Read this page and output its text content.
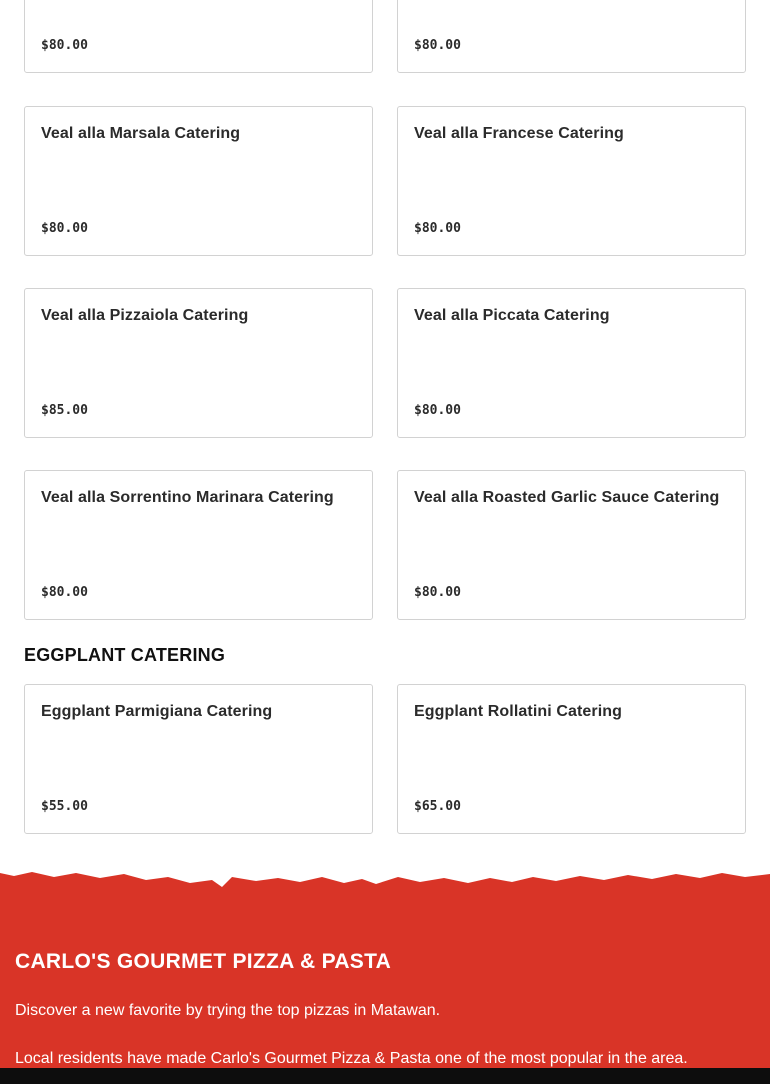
$80.00	$80.00
Veal alla Marsala Catering
$80.00
Veal alla Francese Catering
$80.00
Veal alla Pizzaiola Catering
$85.00
Veal alla Piccata Catering
$80.00
Veal alla Sorrentino Marinara Catering
$80.00
Veal alla Roasted Garlic Sauce Catering
$80.00
EGGPLANT CATERING
Eggplant Parmigiana Catering
$55.00
Eggplant Rollatini Catering
$65.00
CARLO'S GOURMET PIZZA & PASTA

Discover a new favorite by trying the top pizzas in Matawan.

Local residents have made Carlo's Gourmet Pizza & Pasta one of the most popular in the area.
